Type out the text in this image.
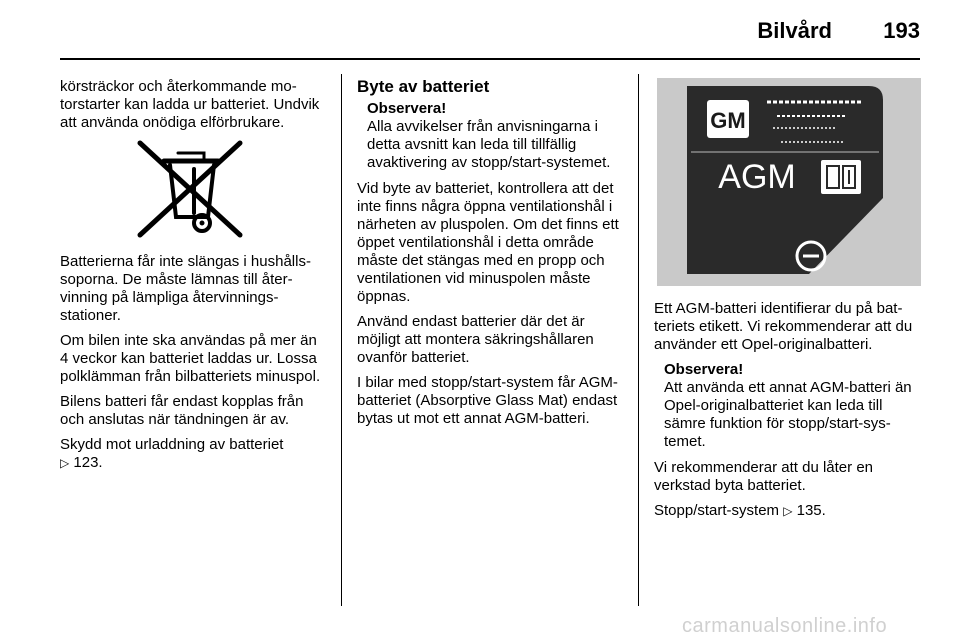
Bilvård 193

körsträckor och återkommande motorstarter kan ladda ur batteriet. Undvik att använda onödiga elförbrukare.

Batterierna får inte slängas i hushållssoporna. De måste lämnas till återvinning på lämpliga återvinningsstationer.

Om bilen inte ska användas på mer än 4 veckor kan batteriet laddas ur. Lossa polklämman från bilbatteriets minuspol.

Bilens batteri får endast kopplas från och anslutas när tändningen är av.

Skydd mot urladdning av batteriet
▷ 123.

Byte av batteriet

Observera!
Alla avvikelser från anvisningarna i detta avsnitt kan leda till tillfällig avaktivering av stopp/start-systemet.

Vid byte av batteriet, kontrollera att det inte finns några öppna ventilationshål i närheten av pluspolen. Om det finns ett öppet ventilationshål i detta område måste det stängas med en propp och ventilationen vid minuspolen måste öppnas.

Använd endast batterier där det är möjligt att montera säkringshållaren ovanför batteriet.

I bilar med stopp/start-system får AGM-batteriet (Absorptive Glass Mat) endast bytas ut mot ett annat AGM-batteri.

GM
AGM

Ett AGM-batteri identifierar du på batteriets etikett. Vi rekommenderar att du använder ett Opel-originalbatteri.

Observera!
Att använda ett annat AGM-batteri än Opel-originalbatteriet kan leda till sämre funktion för stopp/start-systemet.

Vi rekommenderar att du låter en verkstad byta batteriet.

Stopp/start-system ▷ 135.

carmanualsonline.info
